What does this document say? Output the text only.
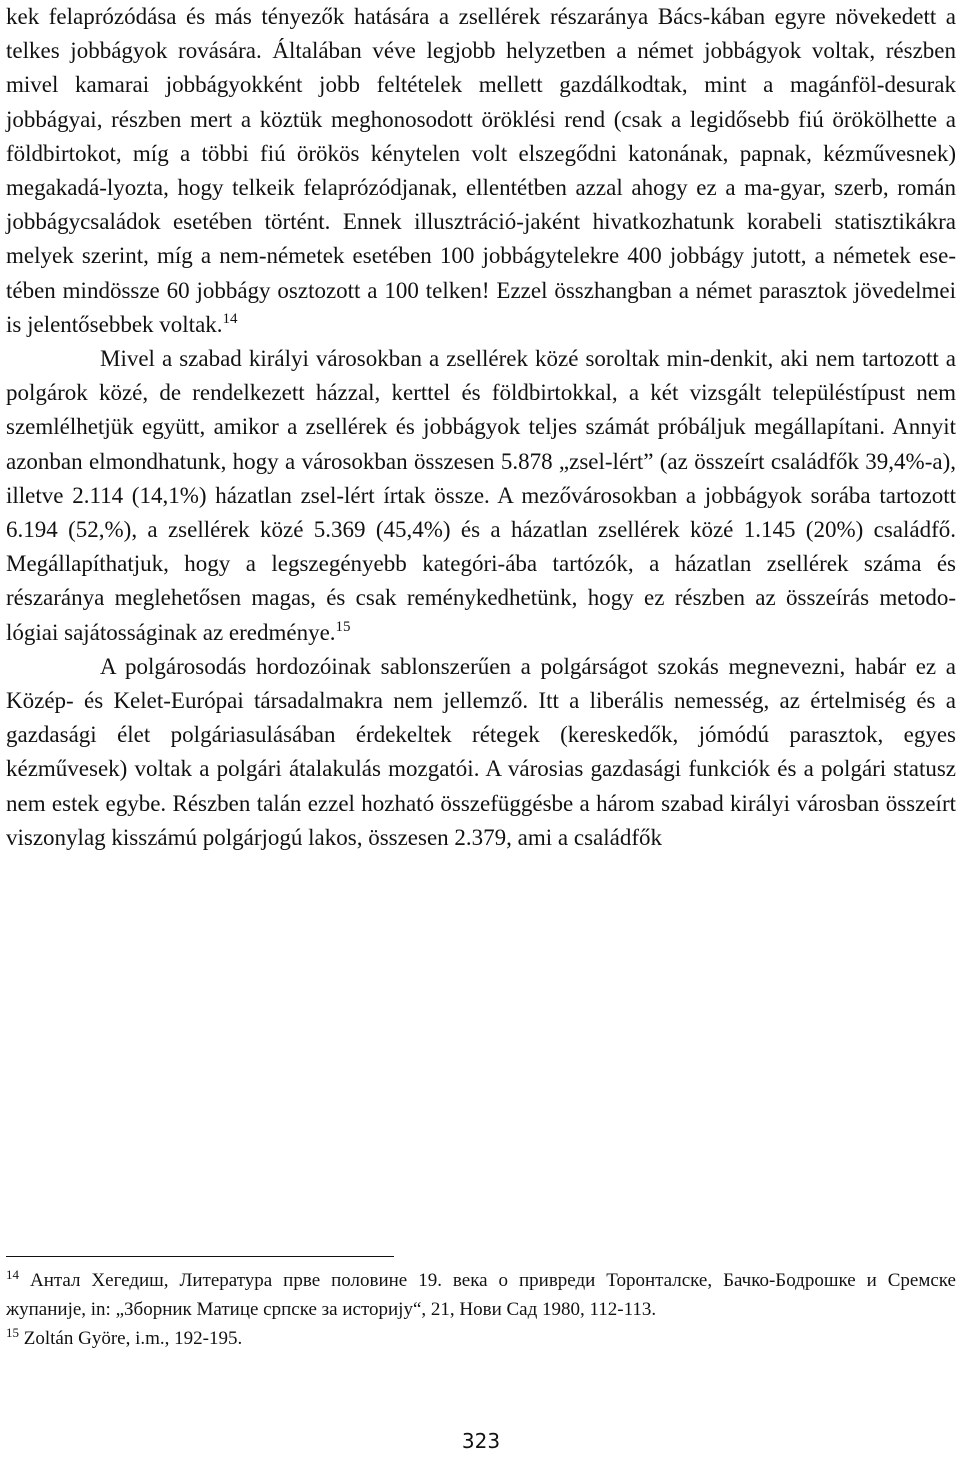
kek felaprózódása és más tényezők hatására a zsellérek részaránya Bács-kában egyre növekedett a telkes jobbágyok rovására. Általában véve legjobb helyzetben a német jobbágyok voltak, részben mivel kamarai jobbágyokként jobb feltételek mellett gazdálkodtak, mint a magánföl-desurak jobbágyai, részben mert a köztük meghonosodott öröklési rend (csak a legidősebb fiú örökölhette a földbirtokot, míg a többi fiú örökös kénytelen volt elszegődni katonának, papnak, kézművesnek) megakadá-lyozta, hogy telkeik felaprózódjanak, ellentétben azzal ahogy ez a ma-gyar, szerb, román jobbágycsaládok esetében történt. Ennek illusztráció-jaként hivatkozhatunk korabeli statisztikákra melyek szerint, míg a nem-németek esetében 100 jobbágytelekre 400 jobbágy jutott, a németek ese-tében mindössze 60 jobbágy osztozott a 100 telken! Ezzel összhangban a német parasztok jövedelmei is jelentősebbek voltak.$^{14}$

Mivel a szabad királyi városokban a zsellérek közé soroltak min-denkit, aki nem tartozott a polgárok közé, de rendelkezett házzal, kerttel és földbirtokkal, a két vizsgált településtípust nem szemlélhetjük együtt, amikor a zsellérek és jobbágyok teljes számát próbáljuk megállapítani. Annyit azonban elmondhatunk, hogy a városokban összesen 5.878 „zsel-lért” (az összeírt családfők 39,4%-a), illetve 2.114 (14,1%) házatlan zsel-lért írtak össze. A mezővárosokban a jobbágyok sorába tartozott 6.194 (52,%), a zsellérek közé 5.369 (45,4%) és a házatlan zsellérek közé 1.145 (20%) családfő. Megállapíthatjuk, hogy a legszegényebb kategóri-ába tartózók, a házatlan zsellérek száma és részaránya meglehetősen magas, és csak reménykedhetünk, hogy ez részben az összeírás metodo-lógiai sajátosságinak az eredménye.$^{15}$

A polgárosodás hordozóinak sablonszerűen a polgárságot szokás megnevezni, habár ez a Közép- és Kelet-Európai társadalmakra nem jellemző. Itt a liberális nemesség, az értelmiség és a gazdasági élet polgáriasulásában érdekeltek rétegek (kereskedők, jómódú parasztok, egyes kézművesek) voltak a polgári átalakulás mozgatói. A városias gazdasági funkciók és a polgári statusz nem estek egybe. Részben talán ezzel hozható összefüggésbe a három szabad királyi városban összeírt viszonylag kisszámú polgárjogú lakos, összesen 2.379, ami a családfők

$^{14}$ Антал Хегедиш, Литература прве половине 19. века о привреди Торонталске, Бачко-Бодрошке и Сремске жупаније, in: „Зборник Матице српске за историју“, 21, Нови Сад 1980, 112-113.

$^{15}$ Zoltán Györe, i.m., 192-195.

323
